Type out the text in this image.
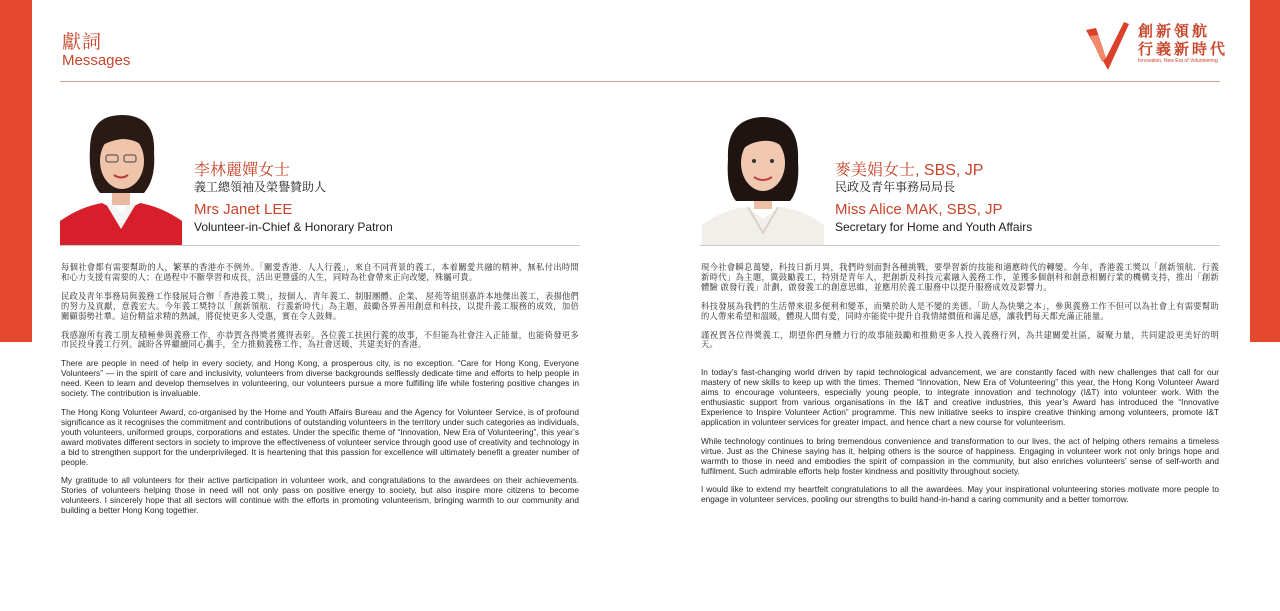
獻詞
Messages
創新領航
行義新時代
Innovation, New Era of Volunteering
李林麗嬋女士
義工總領袖及榮譽贊助人
Mrs Janet LEE
Volunteer-in-Chief & Honorary Patron
麥美娟女士, SBS, JP
民政及青年事務局局長
Miss Alice MAK, SBS, JP
Secretary for Home and Youth Affairs

每個社會都有需要幫助的人，繁華的香港亦不例外。「關愛香港．人人行義」，來自不同背景的義工，本着關愛共融的精神，無私付出時間和心力支援有需要的人；在過程中不斷學習和成長，活出更豐盛的人生，同時為社會帶來正向改變，殊屬可貴。

民政及青年事務局與義務工作發展局合辦「香港義工獎」，按個人、青年義工、制服團體、企業、 屋苑等組別嘉許本地傑出義工，表揚他們的努力及貢獻，意義宏大。今年義工獎特以「創新領航．行義新時代」為主題，鼓勵各界善用創意和科技，以提升義工服務的成效，加倍關顧弱勢社羣。這份精益求精的熱誠，將促使更多人受惠，實在令人鼓舞。

我感謝所有義工朋友積極參與義務工作，亦恭賀各得獎者獲得表彰。各位義工扶困行義的故事，不但能為社會注入正能量，也能倚發更多市民投身義工行列。誠盼各界繼續同心攜手，全力推動義務工作，為社會送暖，共建美好的香港。

There are people in need of help in every society, and Hong Kong, a prosperous city, is no exception. “Care for Hong Kong, Everyone Volunteers” — in the spirit of care and inclusivity, volunteers from diverse backgrounds selflessly dedicate time and efforts to help people in need. Keen to learn and develop themselves in volunteering, our volunteers pursue a more fulfilling life while fostering positive changes in society. The contribution is invaluable.

The Hong Kong Volunteer Award, co-organised by the Home and Youth Affairs Bureau and the Agency for Volunteer Service, is of profound significance as it recognises the commitment and contributions of outstanding volunteers in the territory under such categories as individuals, youth volunteers, uniformed groups, corporations and estates. Under the specific theme of “Innovation, New Era of Volunteering”, this year’s award motivates different sectors in society to improve the effectiveness of volunteer service through good use of creativity and technology in a bid to strengthen support for the underprivileged. It is heartening that this passion for excellence will ultimately benefit a greater number of people.

My gratitude to all volunteers for their active participation in volunteer work, and congratulations to the awardees on their achievements. Stories of volunteers helping those in need will not only pass on positive energy to society, but also inspire more citizens to become volunteers. I sincerely hope that all sectors will continue with the efforts in promoting volunteerism, bringing warmth to our community and building a better Hong Kong together.

現今社會瞬息萬變，科技日新月異，我們時刻面對各種挑戰，要學習新的技能和適應時代的轉變。今年，香港義工獎以「創新領航．行義新時代」為主題，冀鼓勵義工，特別是青年人，把創新及科技元素融入義務工作，並獲多個創科和創意相關行業的機構支持，推出「創新體驗 啟發行義」計劃，啟發義工的創意思維，並應用於義工服務中以提升服務成效及影響力。

科技發展為我們的生活帶來很多便利和變革，而樂於助人是不變的美德。「助人為快樂之本」，參與義務工作不但可以為社會上有需要幫助的人帶來希望和溫暖，體現人間有愛，同時亦能從中提升自我情緒價值和滿足感，讓我們每天都充滿正能量。

謹祝賀各位得獎義工，期望你們身體力行的故事能鼓勵和推動更多人投入義務行列，為共建關愛社區，凝聚力量，共同建設更美好的明天。

In today’s fast-changing world driven by rapid technological advancement, we are constantly faced with new challenges that call for our mastery of new skills to keep up with the times. Themed “Innovation, New Era of Volunteering” this year, the Hong Kong Volunteer Award aims to encourage volunteers, especially young people, to integrate innovation and technology (I&T) into volunteer work. With the enthusiastic support from various organisations in the I&T and creative industries, this year’s Award has introduced the “Innovative Experience to Inspire Volunteer Action” programme. This new initiative seeks to inspire creative thinking among volunteers, promote I&T application in volunteer services for greater impact, and hence chart a new course for volunteerism.

While technology continues to bring tremendous convenience and transformation to our lives, the act of helping others remains a timeless virtue. Just as the Chinese saying has it, helping others is the source of happiness. Engaging in volunteer work not only brings hope and warmth to those in need and embodies the spirit of compassion in the community, but also enriches volunteers’ sense of self-worth and fulfilment. Such admirable efforts help foster kindness and positivity throughout society.

I would like to extend my heartfelt congratulations to all the awardees. May your inspirational volunteering stories motivate more people to engage in volunteer services, pooling our strengths to build hand-in-hand a caring community and a better tomorrow.
